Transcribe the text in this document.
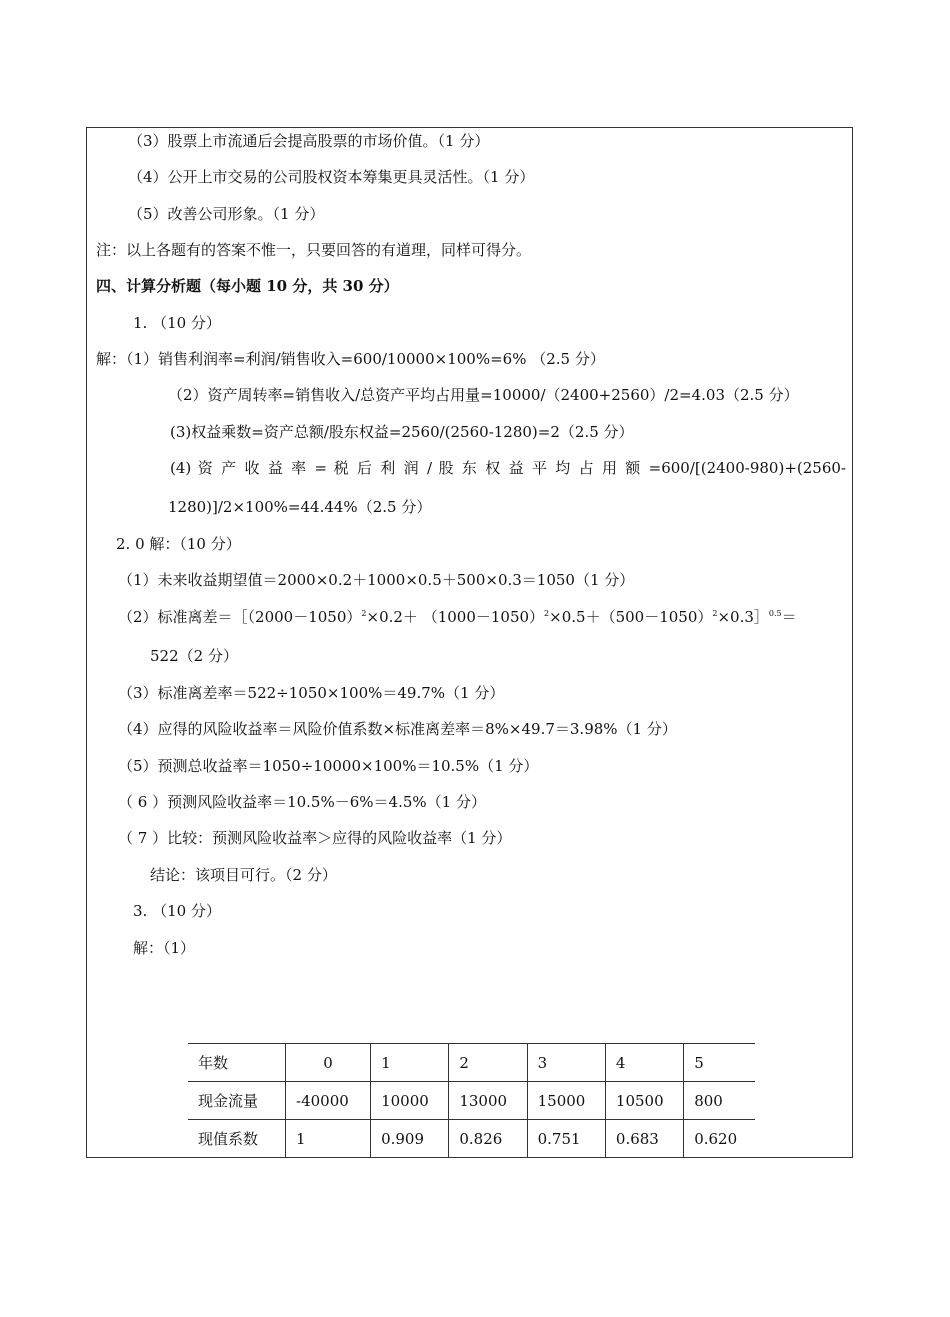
（3）股票上市流通后会提高股票的市场价值。（1 分）
（4）公开上市交易的公司股权资本筹集更具灵活性。（1 分）
（5）改善公司形象。（1 分）
注：以上各题有的答案不惟一，只要回答的有道理，同样可得分。
四、计算分析题（每小题 10 分，共 30 分）
1. （10 分）
解：（1）销售利润率=利润/销售收入=600/10000×100%=6% （2.5 分）
（2）资产周转率=销售收入/总资产平均占用量=10000/（2400+2560）/2=4.03（2.5 分）
(3)权益乘数=资产总额/股东权益=2560/(2560-1280)=2（2.5 分）
(4) 资 产 收 益 率 = 税 后 利 润 / 股 东 权 益 平 均 占 用 额 =600/[(2400-980)+(2560-
1280)]/2×100%=44.44%（2.5 分）
2. 0 解：（10 分）
（1）未来收益期望值＝2000×0.2＋1000×0.5＋500×0.3＝1050（1 分）
（2）标准离差$=[(2000-1050)^2\times 0.2+$ $(1000-1050)^2\times 0.5+(500-1050)^2\times 0.3]^{0.5}=$
522（2 分）
（3）标准离差率＝522÷1050×100%＝49.7%（1 分）
（4）应得的风险收益率＝风险价值系数×标准离差率＝8%×49.7＝3.98%（1 分）
（5）预测总收益率＝1050÷10000×100%＝10.5%（1 分）
（ 6 ）预测风险收益率＝10.5%－6%＝4.5%（1 分）
（ 7 ）比较：预测风险收益率＞应得的风险收益率（1 分）
结论：该项目可行。（2 分）
3. （10 分）
解：（1）
年数	0	1	2	3	4	5
现金流量	-40000	10000	13000	15000	10500	800
现值系数	1	0.909	0.826	0.751	0.683	0.620
